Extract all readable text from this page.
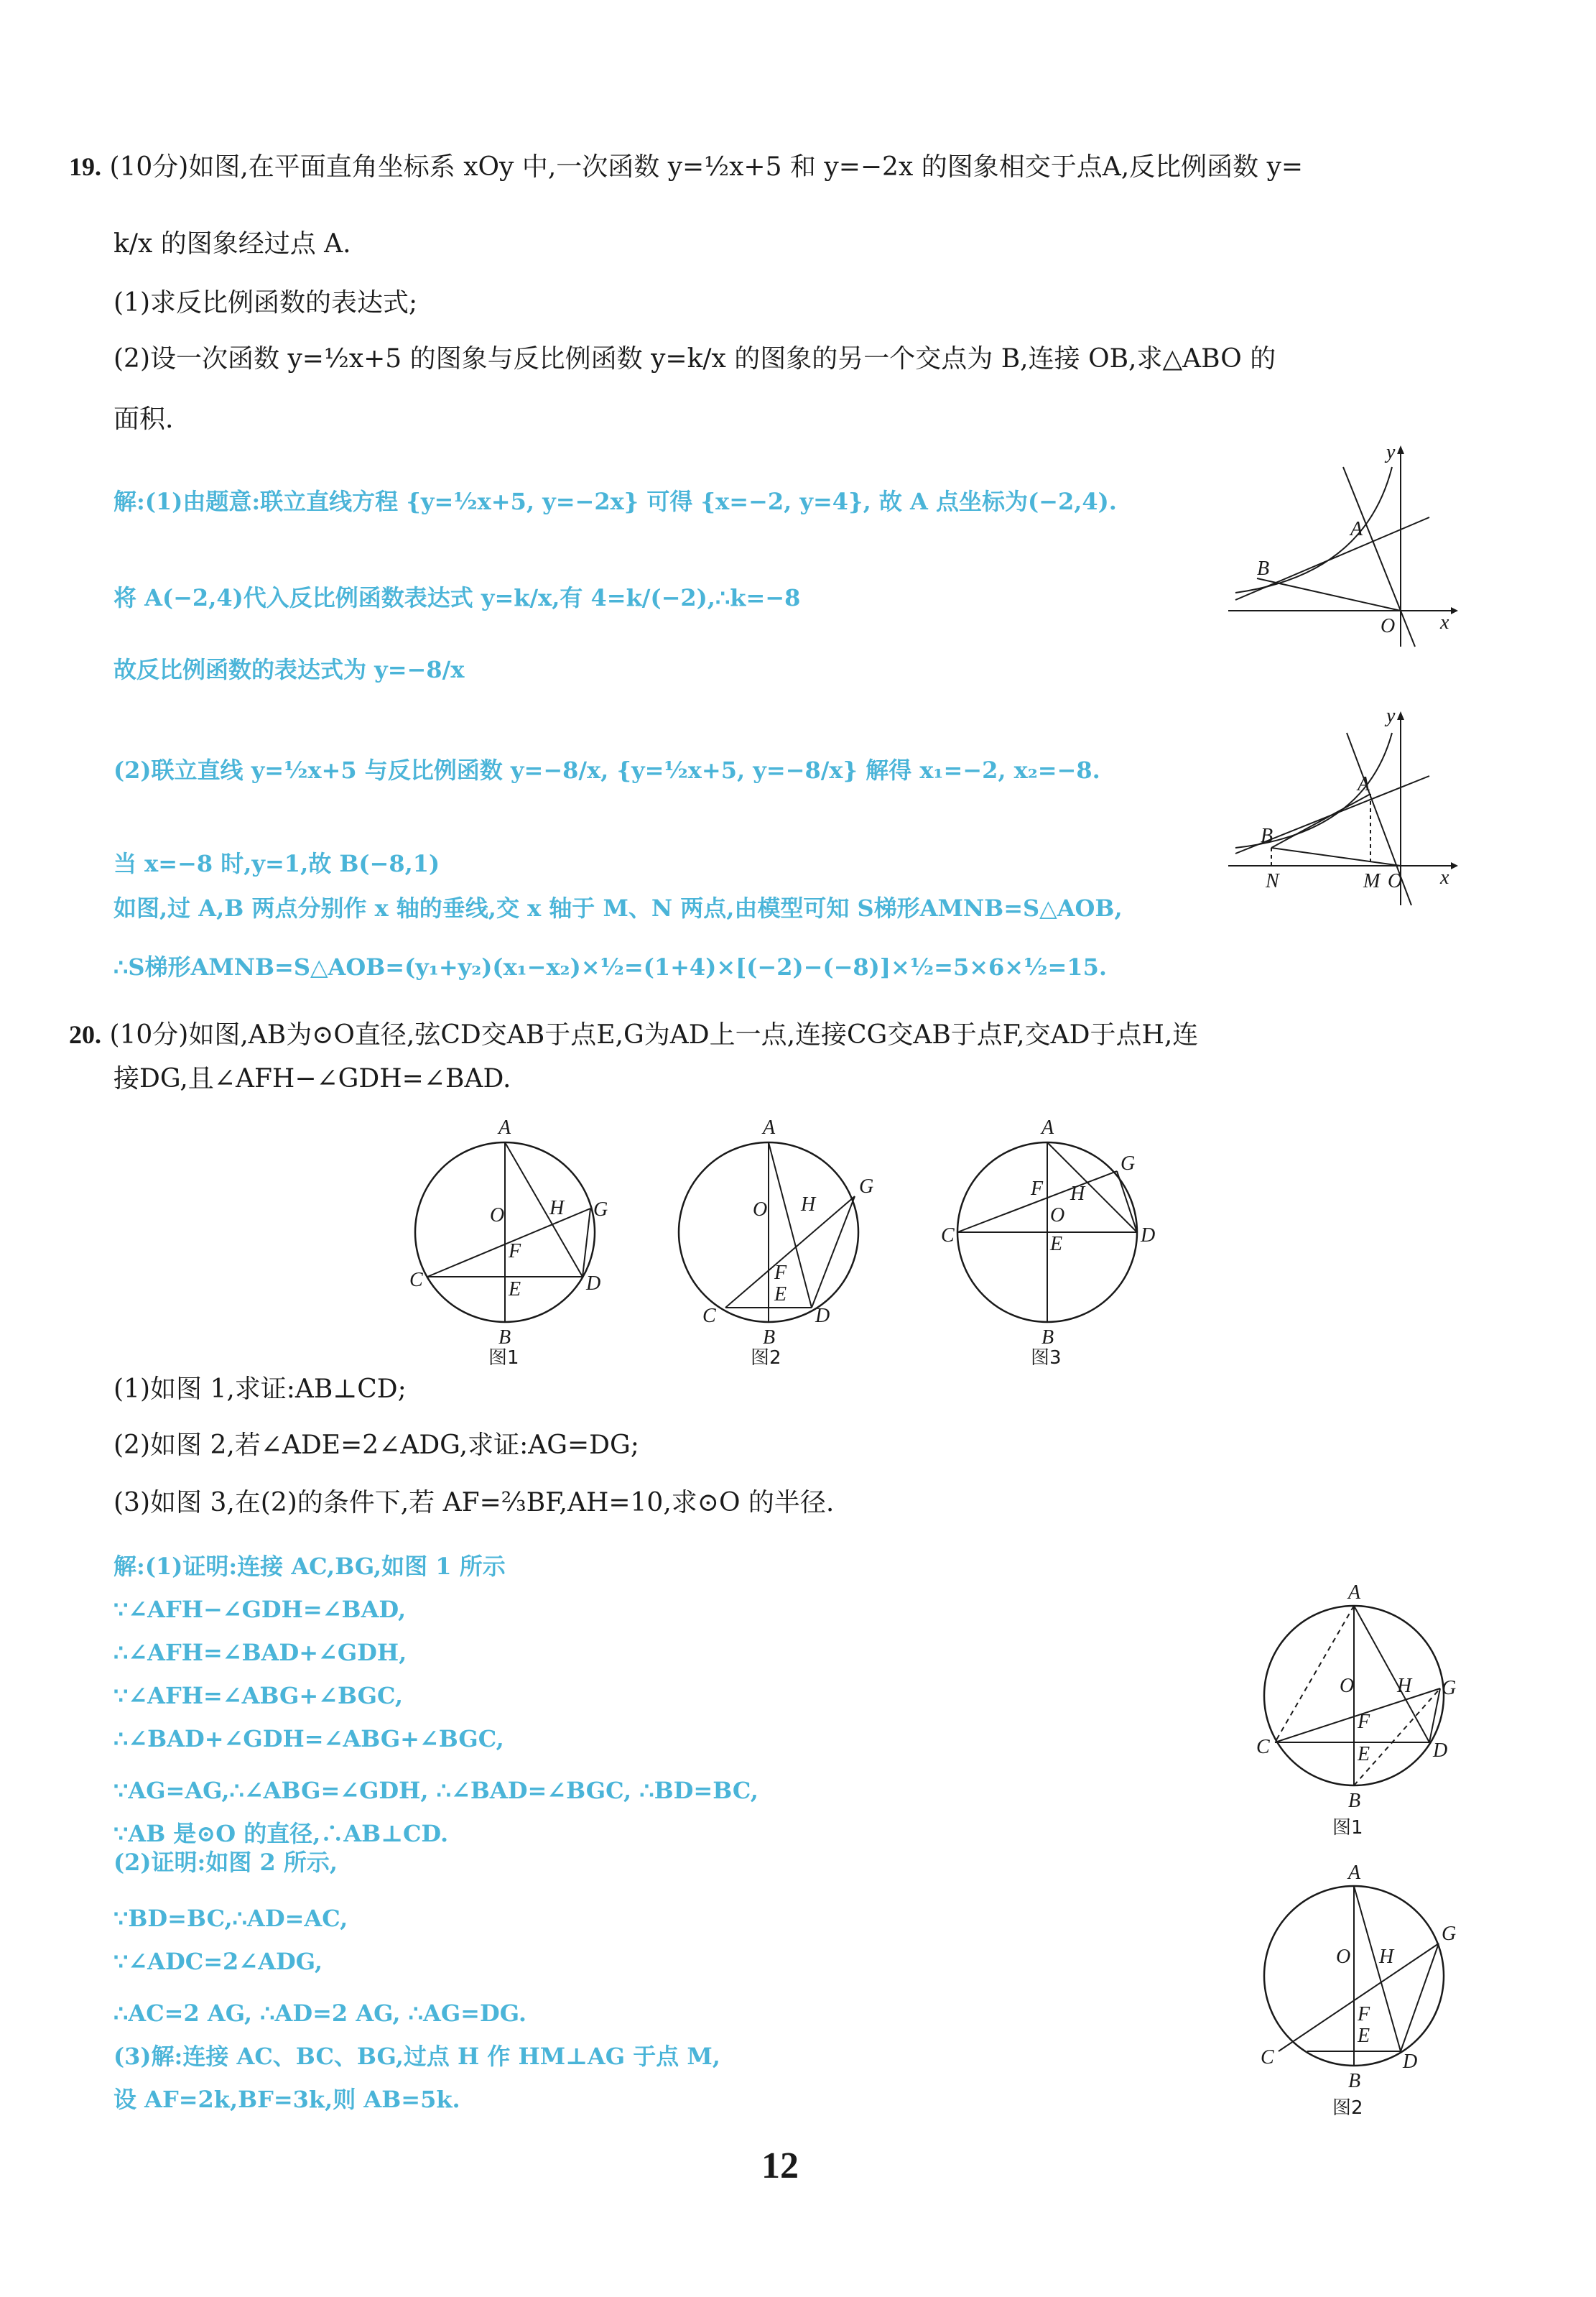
19. (10分)如图,在平面直角坐标系 xOy 中,一次函数 y=½x+5 和 y=−2x 的图象相交于点A,反比例函数 y=
k/x 的图象经过点 A.
(1)求反比例函数的表达式;
(2)设一次函数 y=½x+5 的图象与反比例函数 y=k/x 的图象的另一个交点为 B,连接 OB,求△ABO 的
面积.
解:(1)由题意:联立直线方程 {y=½x+5, y=−2x} 可得 {x=−2, y=4}, 故 A 点坐标为(−2,4).
将 A(−2,4)代入反比例函数表达式 y=k/x,有 4=k/(−2),∴k=−8
故反比例函数的表达式为 y=−8/x
(2)联立直线 y=½x+5 与反比例函数 y=−8/x, {y=½x+5, y=−8/x} 解得 x₁=−2, x₂=−8.
当 x=−8 时,y=1,故 B(−8,1)
如图,过 A,B 两点分别作 x 轴的垂线,交 x 轴于 M、N 两点,由模型可知 S梯形AMNB=S△AOB,
∴S梯形AMNB=S△AOB=(y₁+y₂)(x₁−x₂)×½=(1+4)×[(−2)−(−8)]×½=5×6×½=15.
y
x
O
A
B
y
x
O
A
B
N	M
20. (10分)如图,AB为⊙O直径,弦CD交AB于点E,G为AD上一点,连接CG交AB于点F,交AD于点H,连
接DG,且∠AFH−∠GDH=∠BAD.
A
B
C	D
E
F
G
H
O
图1
A
B
C	D
E
F
G
H
O
图2
A
B
C	D
E
F
G
H
O
图3
(1)如图 1,求证:AB⊥CD;
(2)如图 2,若∠ADE=2∠ADG,求证:AG=DG;
(3)如图 3,在(2)的条件下,若 AF=⅔BF,AH=10,求⊙O 的半径.
解:(1)证明:连接 AC,BG,如图 1 所示
∵∠AFH−∠GDH=∠BAD,
∴∠AFH=∠BAD+∠GDH,
∵∠AFH=∠ABG+∠BGC,
∴∠BAD+∠GDH=∠ABG+∠BGC,
∵AG=AG,∴∠ABG=∠GDH, ∴∠BAD=∠BGC, ∴BD=BC,
∵AB 是⊙O 的直径,∴AB⊥CD.
(2)证明:如图 2 所示,
∵BD=BC,∴AD=AC,
∵∠ADC=2∠ADG,
∴AC=2 AG, ∴AD=2 AG, ∴AG=DG.
(3)解:连接 AC、BC、BG,过点 H 作 HM⊥AG 于点 M,
设 AF=2k,BF=3k,则 AB=5k.
A
B
C	D
E
F
G
H
O
图1
A
B
C	D
E
F
G
H
O
图2
12
